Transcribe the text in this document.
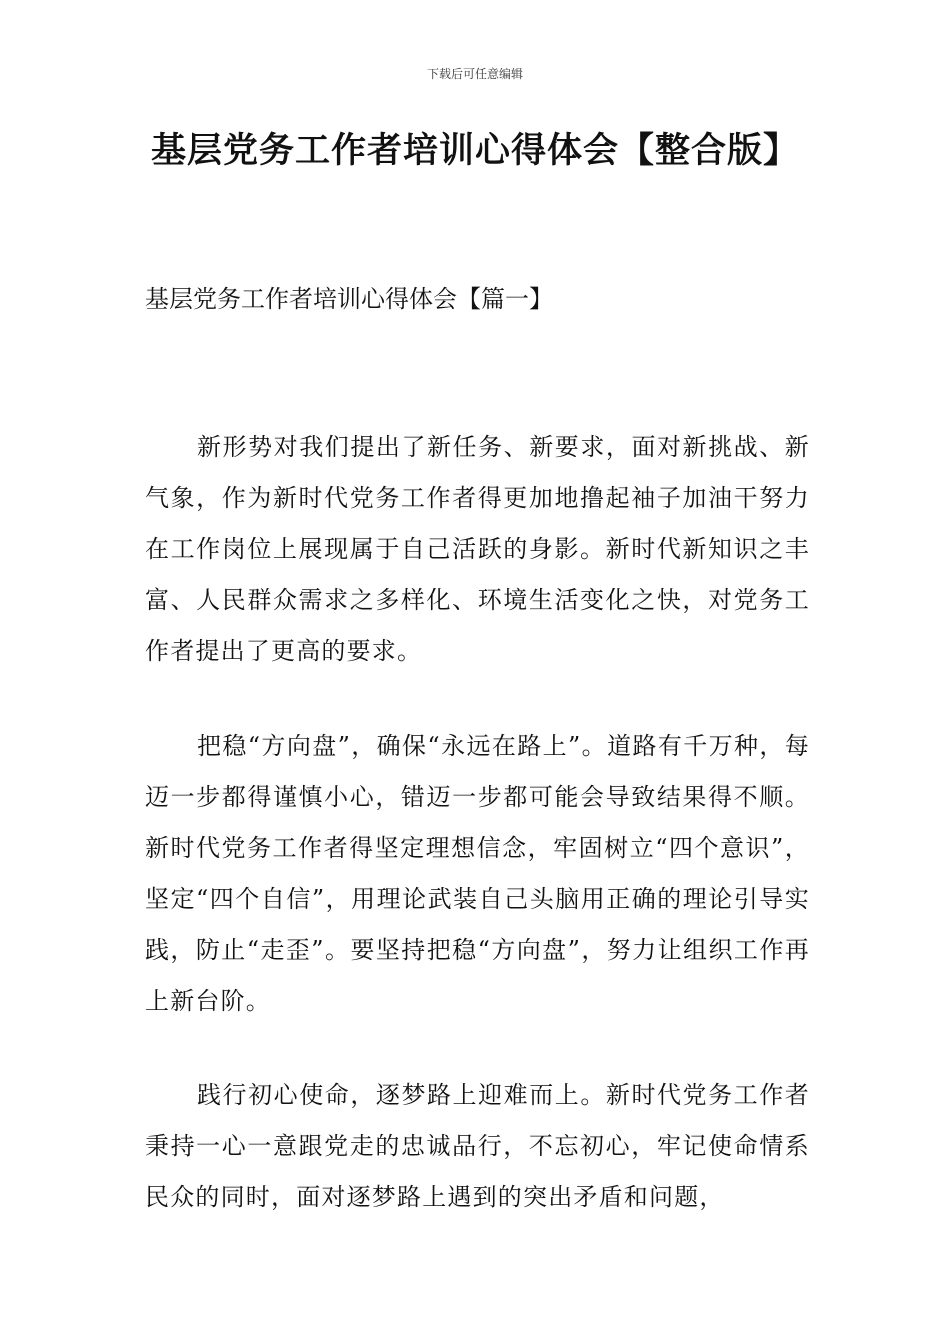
下载后可任意编辑
基层党务工作者培训心得体会【整合版】
基层党务工作者培训心得体会【篇一】

新形势对我们提出了新任务、新要求，面对新挑战、新气象，作为新时代党务工作者得更加地撸起袖子加油干努力在工作岗位上展现属于自己活跃的身影。新时代新知识之丰富、人民群众需求之多样化、环境生活变化之快，对党务工作者提出了更高的要求。

把稳“方向盘”，确保“永远在路上”。道路有千万种，每迈一步都得谨慎小心，错迈一步都可能会导致结果得不顺。新时代党务工作者得坚定理想信念，牢固树立“四个意识”，坚定“四个自信”，用理论武装自己头脑用正确的理论引导实践，防止“走歪”。要坚持把稳“方向盘”，努力让组织工作再上新台阶。

践行初心使命，逐梦路上迎难而上。新时代党务工作者秉持一心一意跟党走的忠诚品行，不忘初心，牢记使命情系民众的同时，面对逐梦路上遇到的突出矛盾和问题，
